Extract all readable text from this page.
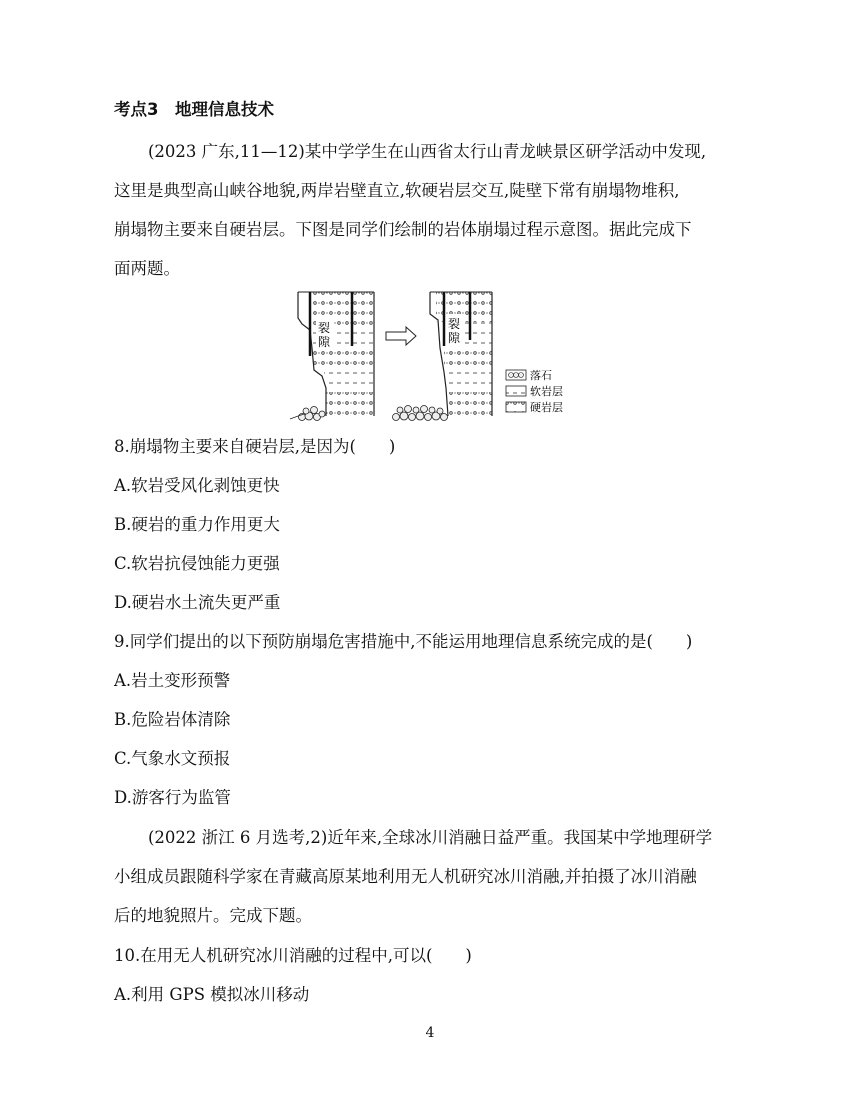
考点3　地理信息技术
(2023 广东,11—12)某中学学生在山西省太行山青龙峡景区研学活动中发现,
这里是典型高山峡谷地貌,两岸岩壁直立,软硬岩层交互,陡壁下常有崩塌物堆积,
崩塌物主要来自硬岩层。下图是同学们绘制的岩体崩塌过程示意图。据此完成下
面两题。
裂
隙
裂
隙
落石
软岩层
硬岩层
8.崩塌物主要来自硬岩层,是因为(　　)
A.软岩受风化剥蚀更快
B.硬岩的重力作用更大
C.软岩抗侵蚀能力更强
D.硬岩水土流失更严重
9.同学们提出的以下预防崩塌危害措施中,不能运用地理信息系统完成的是(　　)
A.岩土变形预警
B.危险岩体清除
C.气象水文预报
D.游客行为监管
(2022 浙江 6 月选考,2)近年来,全球冰川消融日益严重。我国某中学地理研学
小组成员跟随科学家在青藏高原某地利用无人机研究冰川消融,并拍摄了冰川消融
后的地貌照片。完成下题。
10.在用无人机研究冰川消融的过程中,可以(　　)
A.利用 GPS 模拟冰川移动
4
